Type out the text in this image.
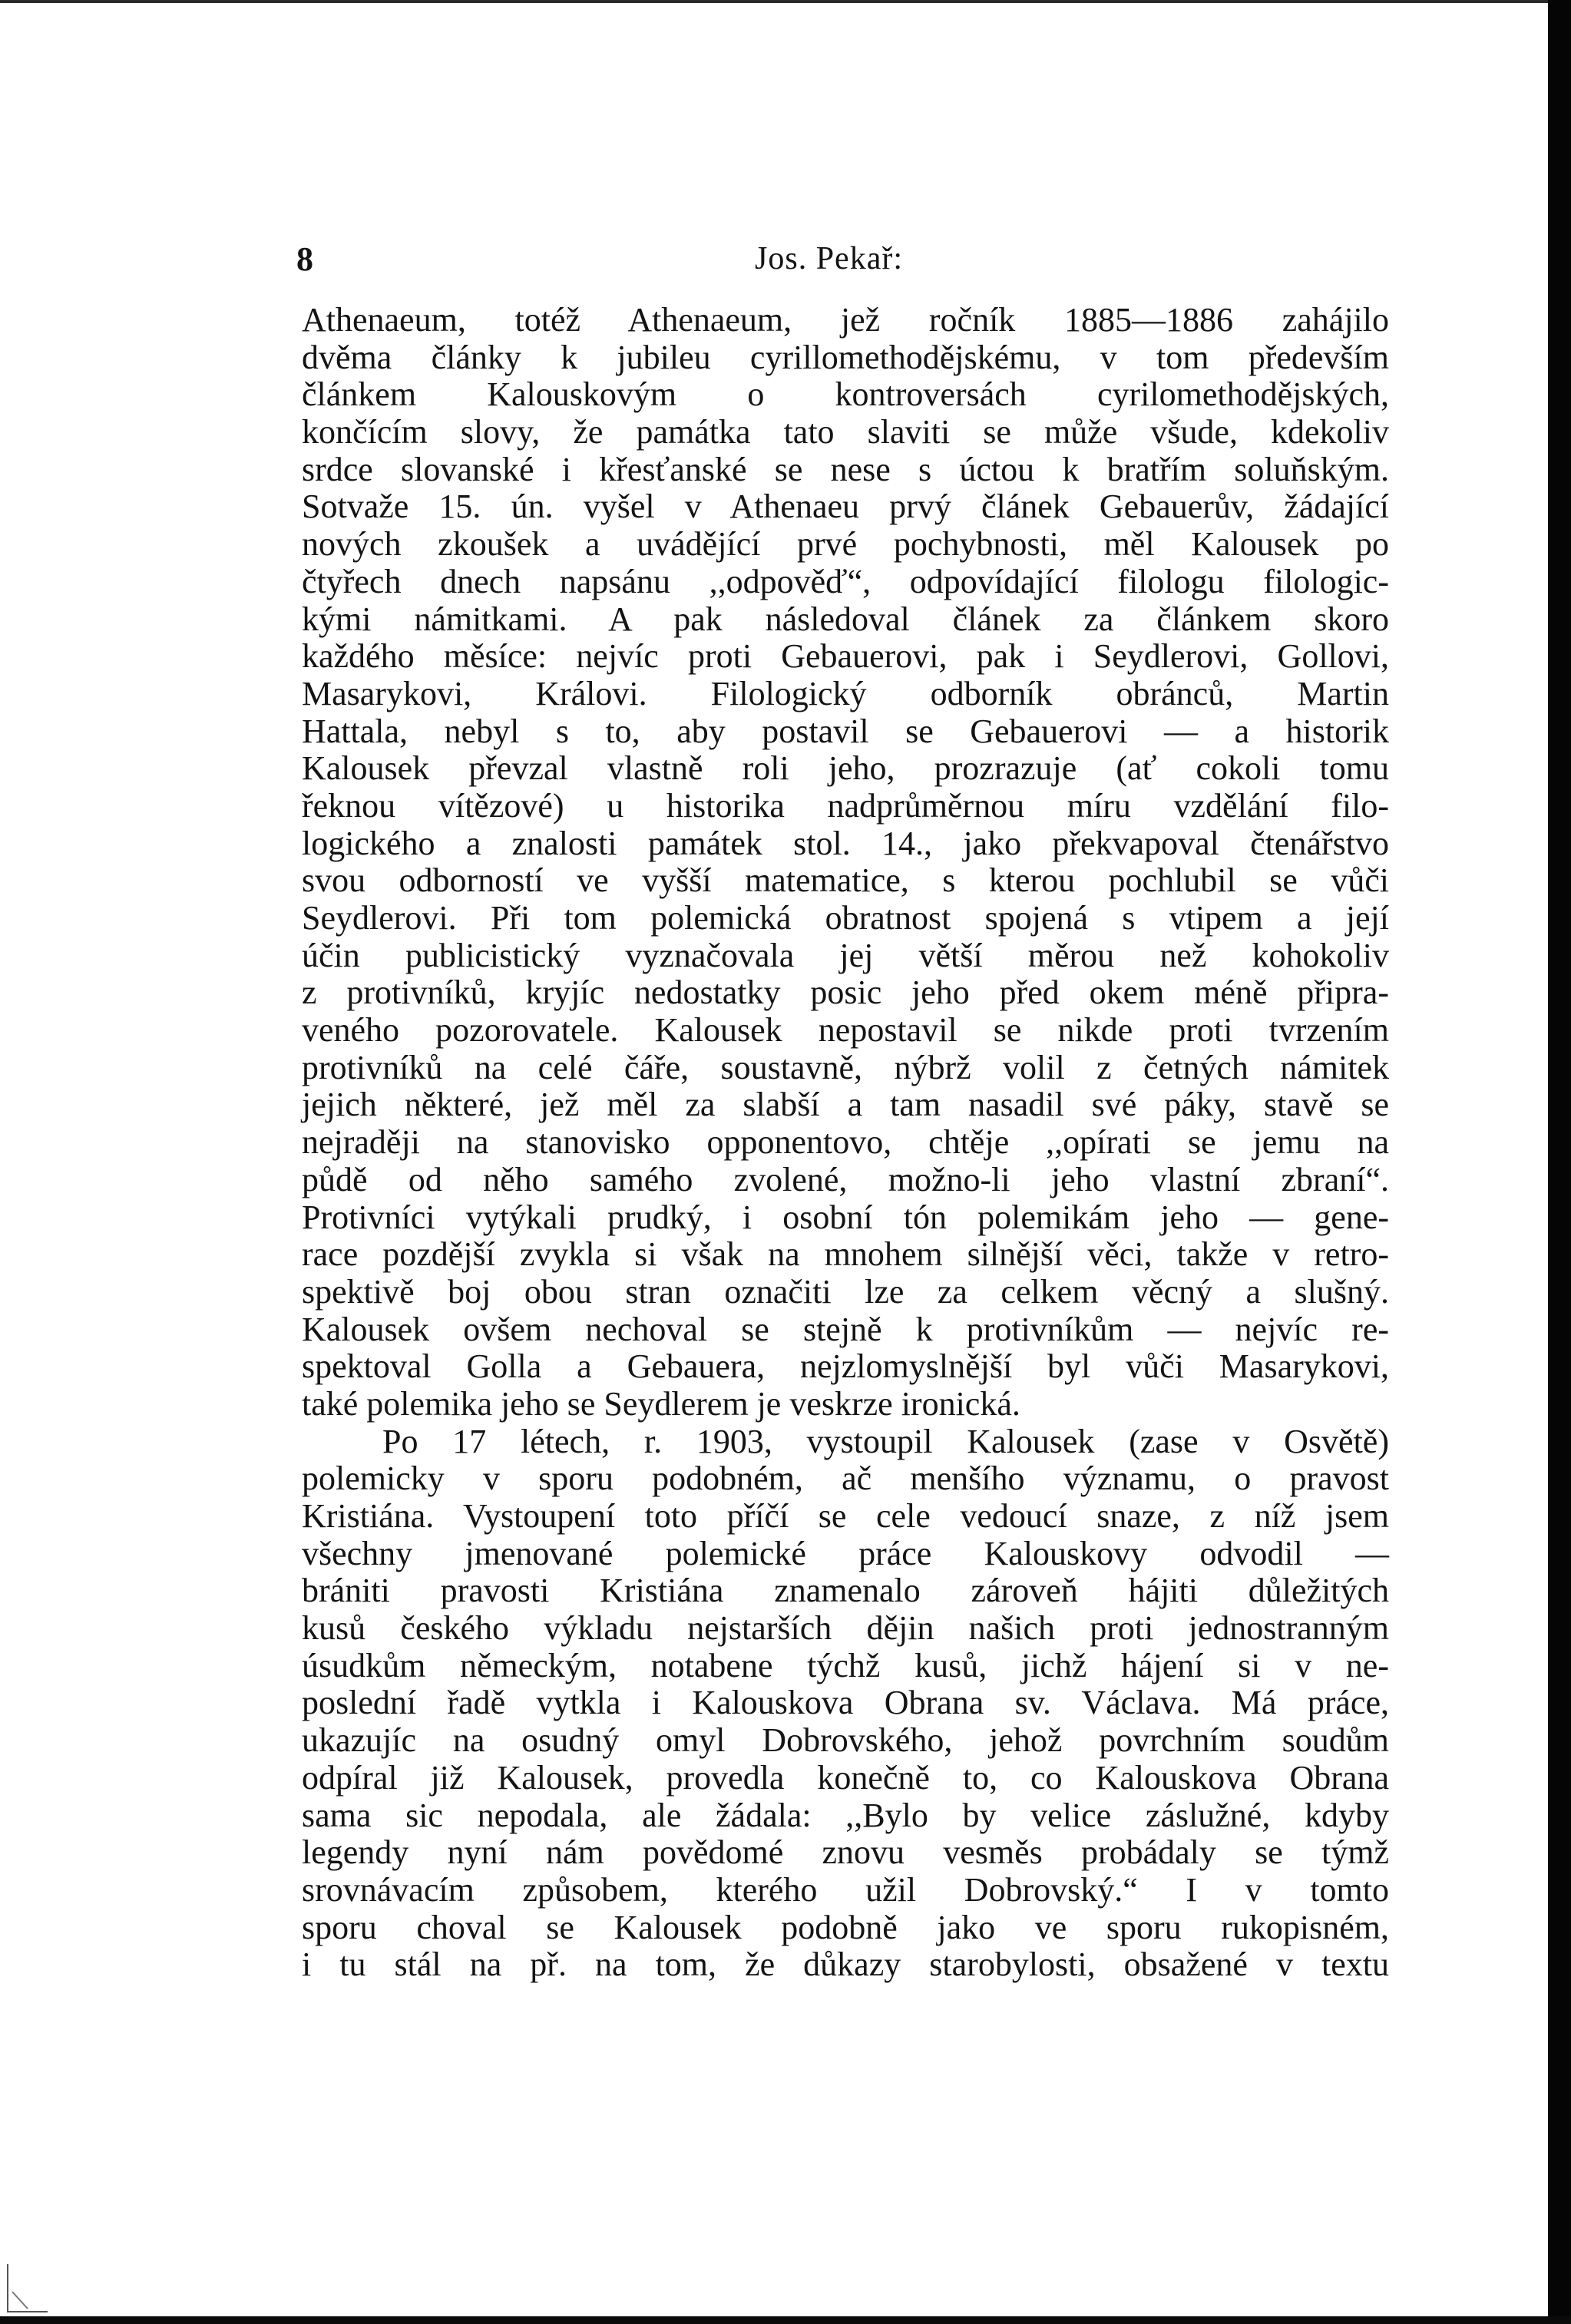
8	Jos. Pekař:
Athenaeum, totéž Athenaeum, jež ročník 1885—1886 zahájilo
dvěma články k jubileu cyrillomethodějskému, v tom především
článkem Kalouskovým o kontroversách cyrilomethodějských,
končícím slovy, že památka tato slaviti se může všude, kdekoliv
srdce slovanské i křesťanské se nese s úctou k bratřím soluňským.
Sotvaže 15. ún. vyšel v Athenaeu prvý článek Gebauerův, žádající
nových zkoušek a uvádějící prvé pochybnosti, měl Kalousek po
čtyřech dnech napsánu ,,odpověď“, odpovídající filologu filologic-
kými námitkami. A pak následoval článek za článkem skoro
každého měsíce: nejvíc proti Gebauerovi, pak i Seydlerovi, Gollovi,
Masarykovi, Královi. Filologický odborník obránců, Martin
Hattala, nebyl s to, aby postavil se Gebauerovi — a historik
Kalousek převzal vlastně roli jeho, prozrazuje (ať cokoli tomu
řeknou vítězové) u historika nadprůměrnou míru vzdělání filo-
logického a znalosti památek stol. 14., jako překvapoval čtenářstvo
svou odborností ve vyšší matematice, s kterou pochlubil se vůči
Seydlerovi. Při tom polemická obratnost spojená s vtipem a její
účin publicistický vyznačovala jej větší měrou než kohokoliv
z protivníků, kryjíc nedostatky posic jeho před okem méně připra-
veného pozorovatele. Kalousek nepostavil se nikde proti tvrzením
protivníků na celé čáře, soustavně, nýbrž volil z četných námitek
jejich některé, jež měl za slabší a tam nasadil své páky, stavě se
nejraději na stanovisko opponentovo, chtěje ,,opírati se jemu na
půdě od něho samého zvolené, možno-li jeho vlastní zbraní“.
Protivníci vytýkali prudký, i osobní tón polemikám jeho — gene-
race pozdější zvykla si však na mnohem silnější věci, takže v retro-
spektivě boj obou stran označiti lze za celkem věcný a slušný.
Kalousek ovšem nechoval se stejně k protivníkům — nejvíc re-
spektoval Golla a Gebauera, nejzlomyslnější byl vůči Masarykovi,
také polemika jeho se Seydlerem je veskrze ironická.
Po 17 létech, r. 1903, vystoupil Kalousek (zase v Osvětě)
polemicky v sporu podobném, ač menšího významu, o pravost
Kristiána. Vystoupení toto příčí se cele vedoucí snaze, z níž jsem
všechny jmenované polemické práce Kalouskovy odvodil —
brániti pravosti Kristiána znamenalo zároveň hájiti důležitých
kusů českého výkladu nejstarších dějin našich proti jednostranným
úsudkům německým, notabene týchž kusů, jichž hájení si v ne-
poslední řadě vytkla i Kalouskova Obrana sv. Václava. Má práce,
ukazujíc na osudný omyl Dobrovského, jehož povrchním soudům
odpíral již Kalousek, provedla konečně to, co Kalouskova Obrana
sama sic nepodala, ale žádala: ,,Bylo by velice záslužné, kdyby
legendy nyní nám povědomé znovu vesměs probádaly se týmž
srovnávacím způsobem, kterého užil Dobrovský.“ I v tomto
sporu choval se Kalousek podobně jako ve sporu rukopisném,
i tu stál na př. na tom, že důkazy starobylosti, obsažené v textu
